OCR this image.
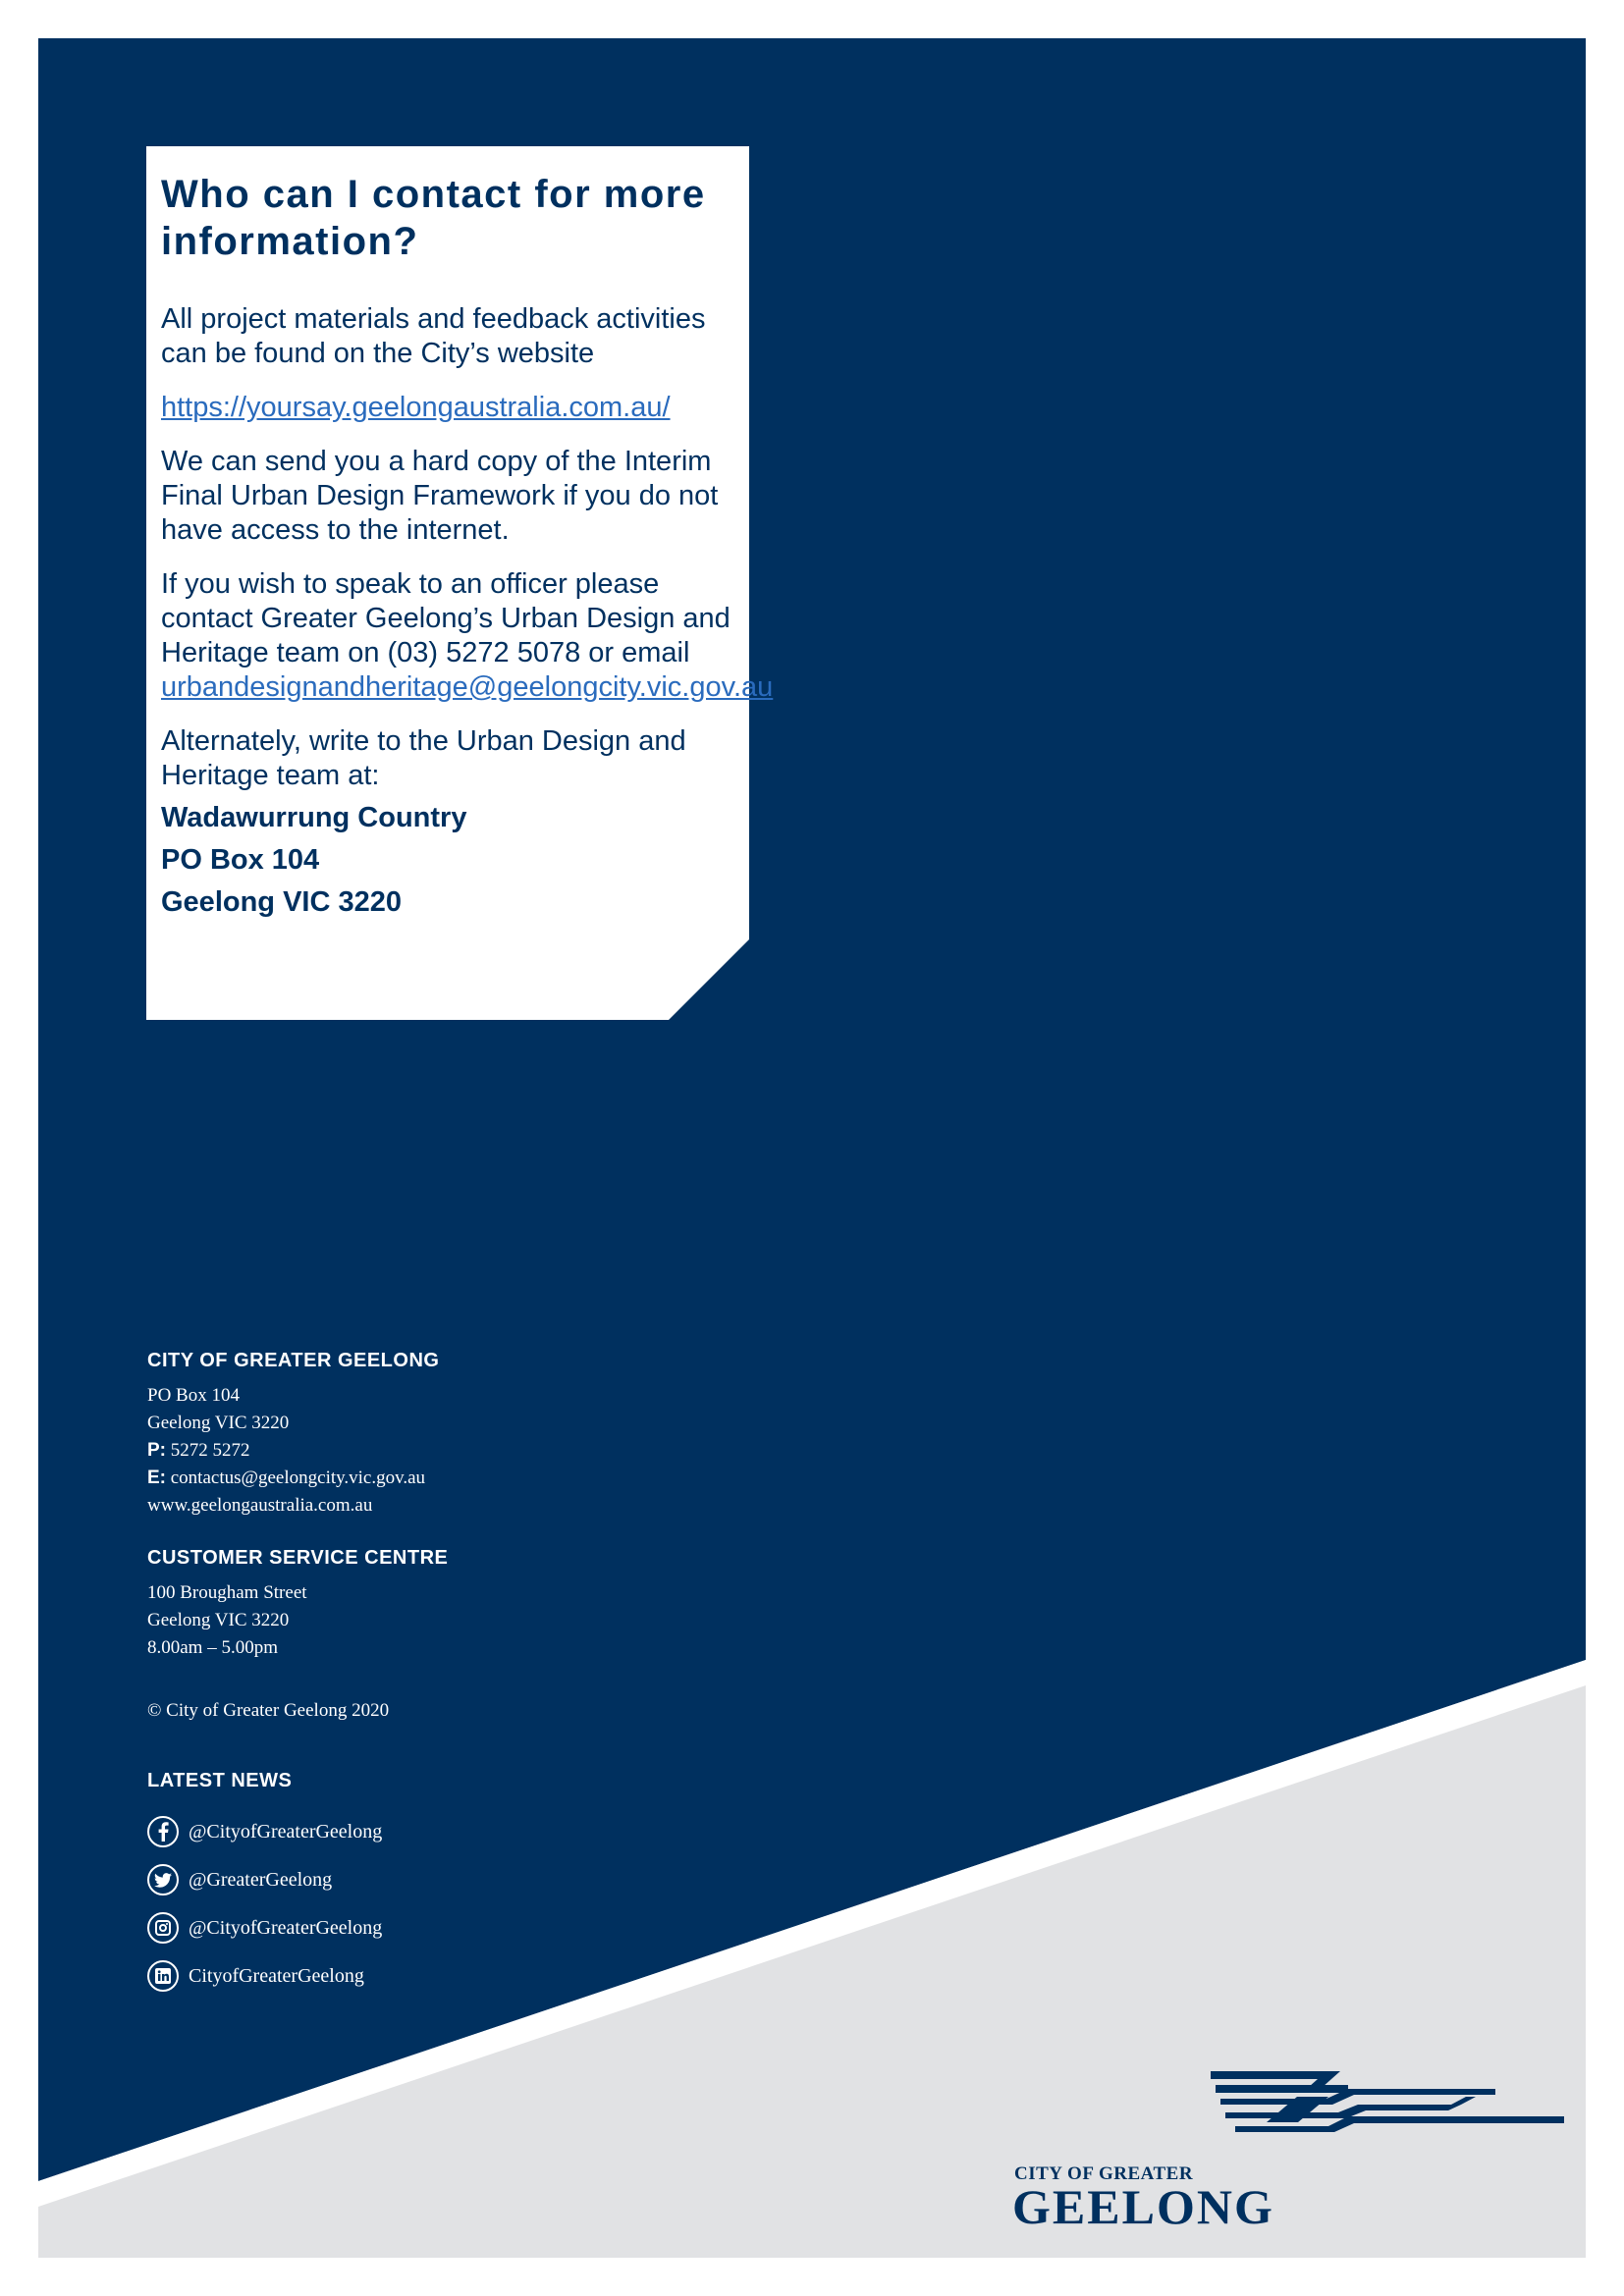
Who can I contact for more information?

All project materials and feedback activities can be found on the City’s website

https://yoursay.geelongaustralia.com.au/

We can send you a hard copy of the Interim Final Urban Design Framework if you do not have access to the internet.

If you wish to speak to an officer please contact Greater Geelong’s Urban Design and Heritage team on (03) 5272 5078 or email urbandesignandheritage@geelongcity.vic.gov.au

Alternately, write to the Urban Design and Heritage team at:

Wadawurrung Country
PO Box 104
Geelong VIC 3220
CITY OF GREATER GEELONG
PO Box 104
Geelong VIC 3220
P: 5272 5272
E: contactus@geelongcity.vic.gov.au
www.geelongaustralia.com.au
CUSTOMER SERVICE CENTRE
100 Brougham Street
Geelong VIC 3220
8.00am – 5.00pm
© City of Greater Geelong 2020
LATEST NEWS
@CityofGreaterGeelong
@GreaterGeelong
@CityofGreaterGeelong
CityofGreaterGeelong
CITY OF GREATER
GEELONG
